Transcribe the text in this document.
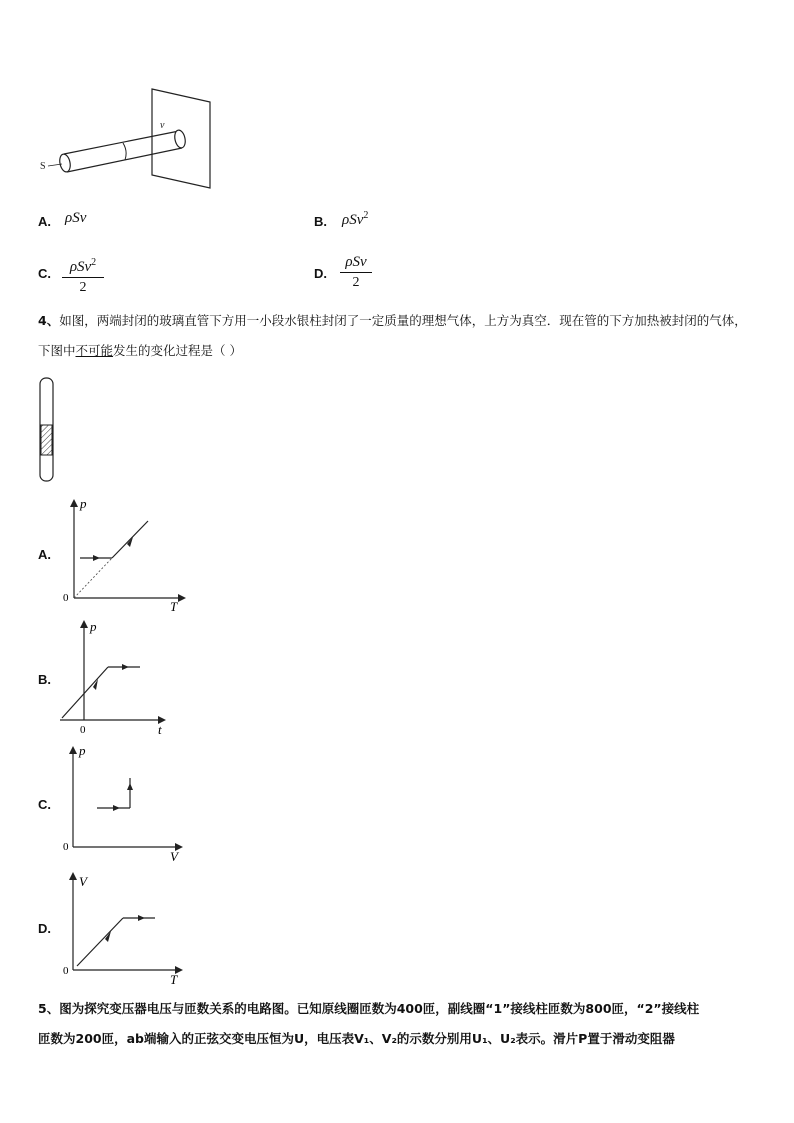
S
v
A. ρSv	B. ρSv$^2$
C.	ρSv$^2$
2
D.
ρSv
2
4、如图，两端封闭的玻璃直管下方用一小段水银柱封闭了一定质量的理想气体，上方为真空．现在管的下方加热被封闭的气体，下图中不可能发生的变化过程是（ ）
A.
p
T
0
B.
p
t
0
C.
p
V
0
D.
V
T
0
5、图为探究变压器电压与匝数关系的电路图。已知原线圈匝数为400匝，副线圈“1”接线柱匝数为800匝，“2”接线柱
匝数为200匝，ab端输入的正弦交变电压恒为U，电压表V₁、V₂的示数分别用U₁、U₂表示。滑片P置于滑动变阻器
